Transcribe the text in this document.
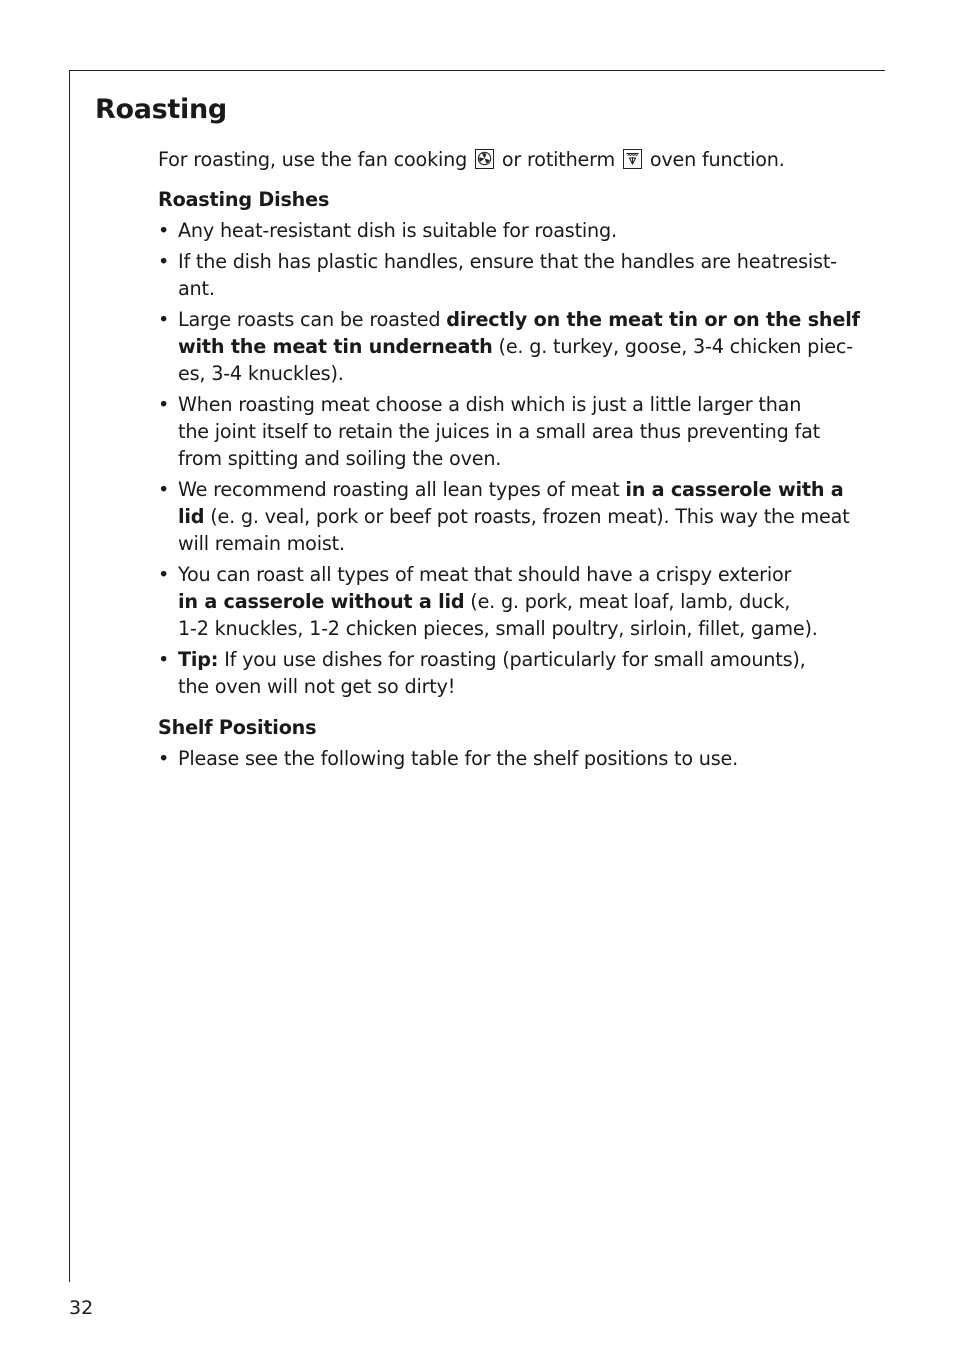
Roasting

For roasting, use the fan cooking or rotitherm oven function.

Roasting Dishes
• Any heat-resistant dish is suitable for roasting.
• If the dish has plastic handles, ensure that the handles are heatresist-
ant.
• Large roasts can be roasted directly on the meat tin or on the shelf
with the meat tin underneath (e. g. turkey, goose, 3-4 chicken piec-
es, 3-4 knuckles).
• When roasting meat choose a dish which is just a little larger than
the joint itself to retain the juices in a small area thus preventing fat
from spitting and soiling the oven.
• We recommend roasting all lean types of meat in a casserole with a
lid (e. g. veal, pork or beef pot roasts, frozen meat). This way the meat
will remain moist.
• You can roast all types of meat that should have a crispy exterior
in a casserole without a lid (e. g. pork, meat loaf, lamb, duck,
1-2 knuckles, 1-2 chicken pieces, small poultry, sirloin, fillet, game).
• Tip: If you use dishes for roasting (particularly for small amounts),
the oven will not get so dirty!
Shelf Positions
• Please see the following table for the shelf positions to use.
32
